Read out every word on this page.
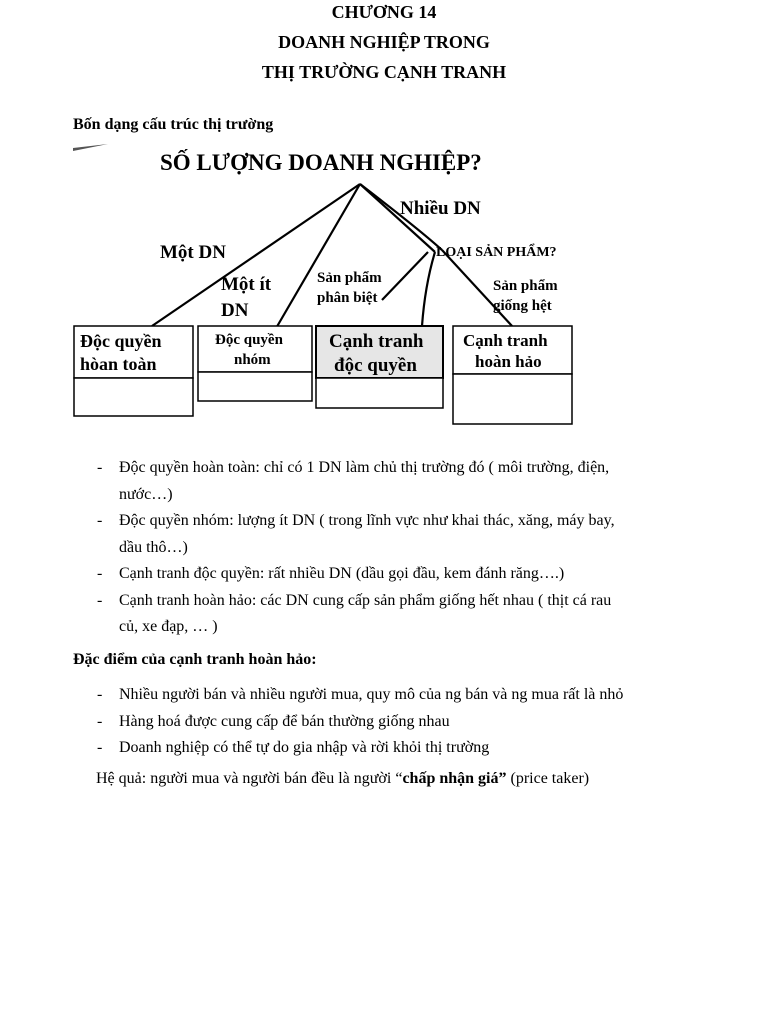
CHƯƠNG 14
DOANH NGHIỆP TRONG
THỊ TRƯỜNG CẠNH TRANH
Bốn dạng cấu trúc thị trường
SỐ LƯỢNG DOANH NGHIỆP?
Nhiều DN
Một DN
Một ít
DN
LOẠI SẢN PHẨM?
Sản phẩm
phân biệt
Sản phẩm
giống hệt
Độc quyền
hòan toàn
Độc quyền
nhóm
Cạnh tranh
độc quyền
Cạnh tranh
hoàn hảo
- Độc quyền hoàn toàn: chỉ có 1 DN làm chủ thị trường đó ( môi trường, điện,
nước…)
- Độc quyền nhóm: lượng ít DN ( trong lĩnh vực như khai thác, xăng, máy bay,
dầu thô…)
- Cạnh tranh độc quyền: rất nhiều DN (dầu gọi đầu, kem đánh răng….)
- Cạnh tranh hoàn hảo: các DN cung cấp sản phẩm giống hết nhau ( thịt cá rau
củ, xe đạp, … )
Đặc điểm của cạnh tranh hoàn hảo:
- Nhiều người bán và nhiều người mua, quy mô của ng bán và ng mua rất là nhỏ
- Hàng hoá được cung cấp để bán thường giống nhau
- Doanh nghiệp có thể tự do gia nhập và rời khỏi thị trường
Hệ quả: người mua và người bán đều là người “chấp nhận giá” (price taker)
